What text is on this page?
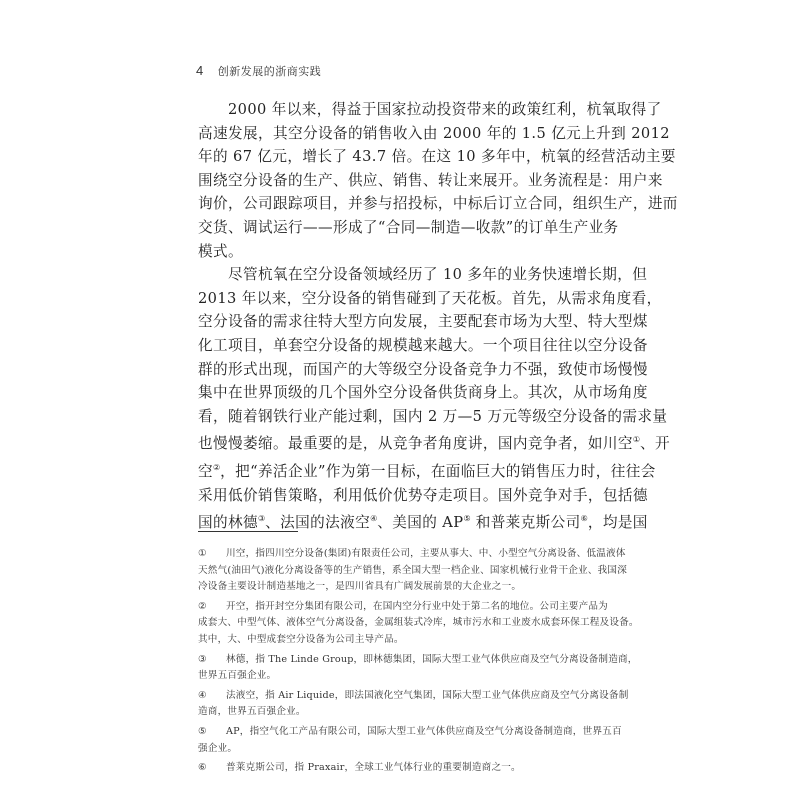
4 创新发展的浙商实践

2000 年以来，得益于国家拉动投资带来的政策红利，杭氧取得了
高速发展，其空分设备的销售收入由 2000 年的 1.5 亿元上升到 2012
年的 67 亿元，增长了 43.7 倍。在这 10 多年中，杭氧的经营活动主要
围绕空分设备的生产、供应、销售、转让来展开。业务流程是：用户来
询价，公司跟踪项目，并参与招投标，中标后订立合同，组织生产，进而
交货、调试运行——形成了“合同—制造—收款”的订单生产业务
模式。

尽管杭氧在空分设备领域经历了 10 多年的业务快速增长期，但
2013 年以来，空分设备的销售碰到了天花板。首先，从需求角度看，
空分设备的需求往特大型方向发展，主要配套市场为大型、特大型煤
化工项目，单套空分设备的规模越来越大。一个项目往往以空分设备
群的形式出现，而国产的大等级空分设备竞争力不强，致使市场慢慢
集中在世界顶级的几个国外空分设备供货商身上。其次，从市场角度
看，随着钢铁行业产能过剩，国内 2 万—5 万元等级空分设备的需求量
也慢慢萎缩。最重要的是，从竞争者角度讲，国内竞争者，如川空①、开
空②，把“养活企业”作为第一目标，在面临巨大的销售压力时，往往会
采用低价销售策略，利用低价优势夺走项目。国外竞争对手，包括德
国的林德③、法国的法液空④、美国的 AP⑤ 和普莱克斯公司⑥，均是国

① 川空，指四川空分设备(集团)有限责任公司，主要从事大、中、小型空气分离设备、低温液体
天然气(油田气)液化分离设备等的生产销售，系全国大型一档企业、国家机械行业骨干企业、我国深
冷设备主要设计制造基地之一，是四川省具有广阔发展前景的大企业之一。
② 开空，指开封空分集团有限公司，在国内空分行业中处于第二名的地位。公司主要产品为
成套大、中型气体、液体空气分离设备，金属组装式冷库，城市污水和工业废水成套环保工程及设备。
其中，大、中型成套空分设备为公司主导产品。
③ 林德，指 The Linde Group，即林德集团，国际大型工业气体供应商及空气分离设备制造商，
世界五百强企业。
④ 法液空，指 Air Liquide，即法国液化空气集团，国际大型工业气体供应商及空气分离设备制
造商，世界五百强企业。
⑤ AP，指空气化工产品有限公司，国际大型工业气体供应商及空气分离设备制造商，世界五百
强企业。
⑥ 普莱克斯公司，指 Praxair，全球工业气体行业的重要制造商之一。
